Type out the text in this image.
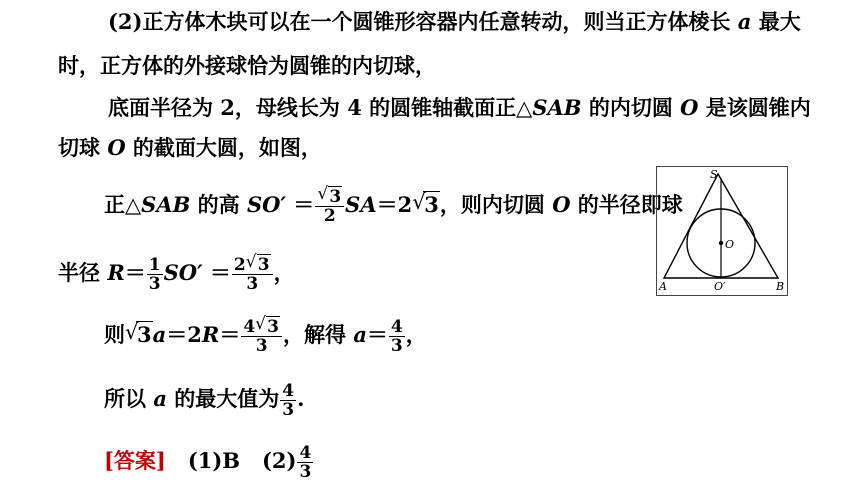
(2)正方体木块可以在一个圆锥形容器内任意转动，则当正方体棱长 a 最大
时，正方体的外接球恰为圆锥的内切球，
底面半径为 2，母线长为 4 的圆锥轴截面正△SAB 的内切圆 O 是该圆锥内
切球 O 的截面大圆，如图，
正△SAB 的高 $SO' = \frac{√ 3}{2} SA=2$ √
3，则内切圆 O 的半径即球
半径 $R= \frac{1}{3} SO' = \frac{2 √ 3}{3}$ ，
则 √
$3a=2R= \frac{4 √ 3}{3}$ ，解得 $a= \frac{4}{3}$ ，
所以 a 的最大值为 $\frac{4}{3}$ .
[答案] (1)B $(2) \frac{4}{3}$
S
O
A	O′	B
